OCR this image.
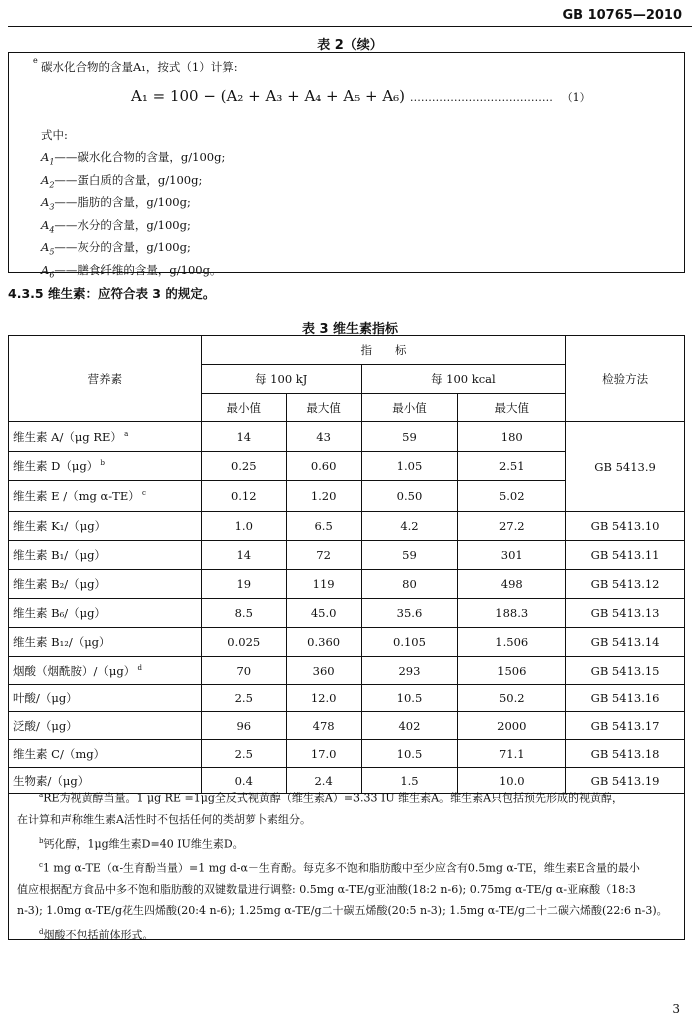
GB 10765—2010
表 2（续）
e 碳水化合物的含量A₁，按式（1）计算:
A₁ = 100 − (A₂ + A₃ + A₄ + A₅ + A₆) ………………………………… （1）
式中:
$A_1——$碳水化合物的含量，g/100g;
$A_2——$蛋白质的含量，g/100g;
$A_3——$脂肪的含量，g/100g;
$A_4——$水分的含量，g/100g;
$A_5——$灰分的含量，g/100g;
$A_6——$膳食纤维的含量，g/100g。
4.3.5 维生素：应符合表 3 的规定。
表 3 维生素指标
营养素	指　　标				检验方法
	每 100 kJ		每 100 kcal		
	最小值	最大值	最小值	最大值	
维生素 A/（μg RE） $^a$	14	43	59	180	GB 5413.9
维生素 D（μg） $^b$	0.25	0.60	1.05	2.51	
维生素 E /（mg α-TE） $^c$	0.12	1.20	0.50	5.02	
维生素 K₁/（μg）	1.0	6.5	4.2	27.2	GB 5413.10
维生素 B₁/（μg）	14	72	59	301	GB 5413.11
维生素 B₂/（μg）	19	119	80	498	GB 5413.12
维生素 B₆/（μg）	8.5	45.0	35.6	188.3	GB 5413.13
维生素 B₁₂/（μg）	0.025	0.360	0.105	1.506	GB 5413.14
烟酸（烟酰胺）/（μg） $^d$	70	360	293	1506	GB 5413.15
叶酸/（μg）	2.5	12.0	10.5	50.2	GB 5413.16
泛酸/（μg）	96	478	402	2000	GB 5413.17
维生素 C/（mg）	2.5	17.0	10.5	71.1	GB 5413.18
生物素/（μg）	0.4	2.4	1.5	10.0	GB 5413.19

$^a$RE为视黄醇当量。1 μg RE =1μg全反式视黄醇（维生素A）=3.33 IU 维生素A。维生素A只包括预先形成的视黄醇，

在计算和声称维生素A活性时不包括任何的类胡萝卜素组分。

$^b$钙化醇，1μg维生素D=40 IU维生素D。

$^c$1 mg α-TE（α-生育酚当量）=1 mg d-α－生育酚。每克多不饱和脂肪酸中至少应含有0.5mg α-TE，维生素E含量的最小

值应根据配方食品中多不饱和脂肪酸的双键数量进行调整: 0.5mg α-TE/g亚油酸(18:2 n-6); 0.75mg α-TE/g α-亚麻酸（18:3

n-3); 1.0mg α-TE/g花生四烯酸(20:4 n-6); 1.25mg α-TE/g二十碳五烯酸(20:5 n-3); 1.5mg α-TE/g二十二碳六烯酸(22:6 n-3)。

$^d$烟酸不包括前体形式。

3
